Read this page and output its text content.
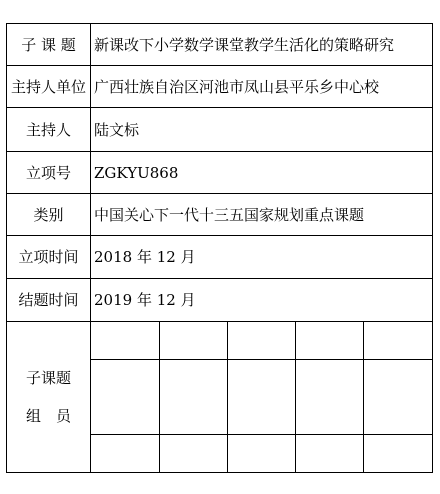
子 课 题	新课改下小学数学课堂教学生活化的策略研究
主持人单位	广西壮族自治区河池市凤山县平乐乡中心校
主持人	陆文标
立项号	ZGKYU868
类别	中国关心下一代十三五国家规划重点课题
立项时间	2018 年 12 月
结题时间	2019 年 12 月

子课题
组　员
